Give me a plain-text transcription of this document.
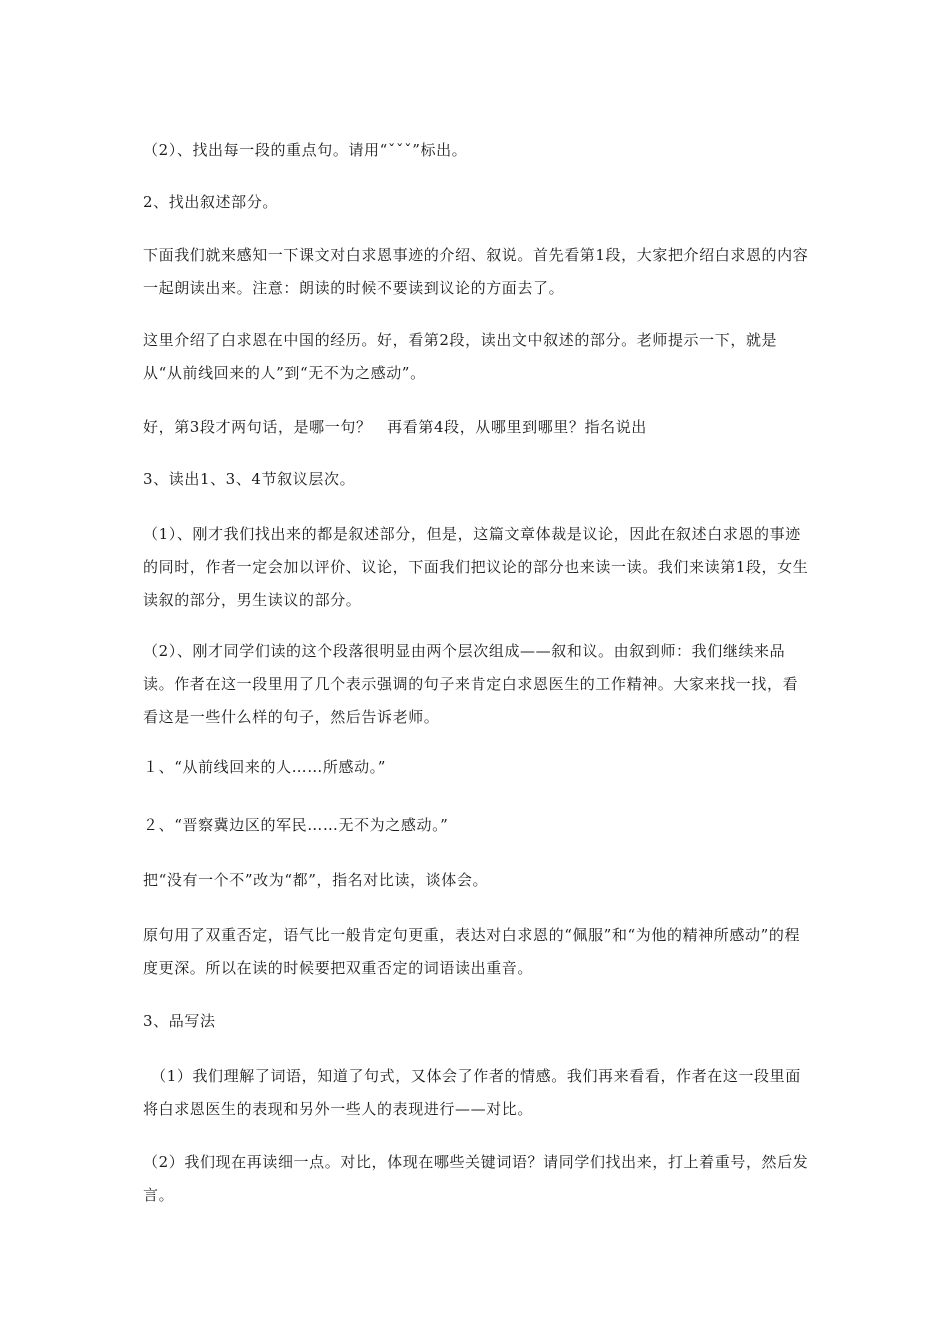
（2）、找出每一段的重点句。请用“ˇˇˇ”标出。
2、找出叙述部分。
下面我们就来感知一下课文对白求恩事迹的介绍、叙说。首先看第1段，大家把介绍白求恩的内容一起朗读出来。注意：朗读的时候不要读到议论的方面去了。
这里介绍了白求恩在中国的经历。好，看第2段，读出文中叙述的部分。老师提示一下，就是从“从前线回来的人”到“无不为之感动”。
好，第3段才两句话，是哪一句？　再看第4段，从哪里到哪里？指名说出
3、读出1、3、4节叙议层次。
（1）、刚才我们找出来的都是叙述部分，但是，这篇文章体裁是议论，因此在叙述白求恩的事迹的同时，作者一定会加以评价、议论，下面我们把议论的部分也来读一读。我们来读第1段，女生读叙的部分，男生读议的部分。
（2）、刚才同学们读的这个段落很明显由两个层次组成——叙和议。由叙到师：我们继续来品读。作者在这一段里用了几个表示强调的句子来肯定白求恩医生的工作精神。大家来找一找，看看这是一些什么样的句子，然后告诉老师。
１、“从前线回来的人……所感动。”
２、“晋察冀边区的军民……无不为之感动。”
把“没有一个不”改为“都”，指名对比读，谈体会。
原句用了双重否定，语气比一般肯定句更重，表达对白求恩的“佩服”和“为他的精神所感动”的程度更深。所以在读的时候要把双重否定的词语读出重音。
3、品写法
　（1）我们理解了词语，知道了句式，又体会了作者的情感。我们再来看看，作者在这一段里面将白求恩医生的表现和另外一些人的表现进行——对比。
（2）我们现在再读细一点。对比，体现在哪些关键词语？请同学们找出来，打上着重号，然后发言。
